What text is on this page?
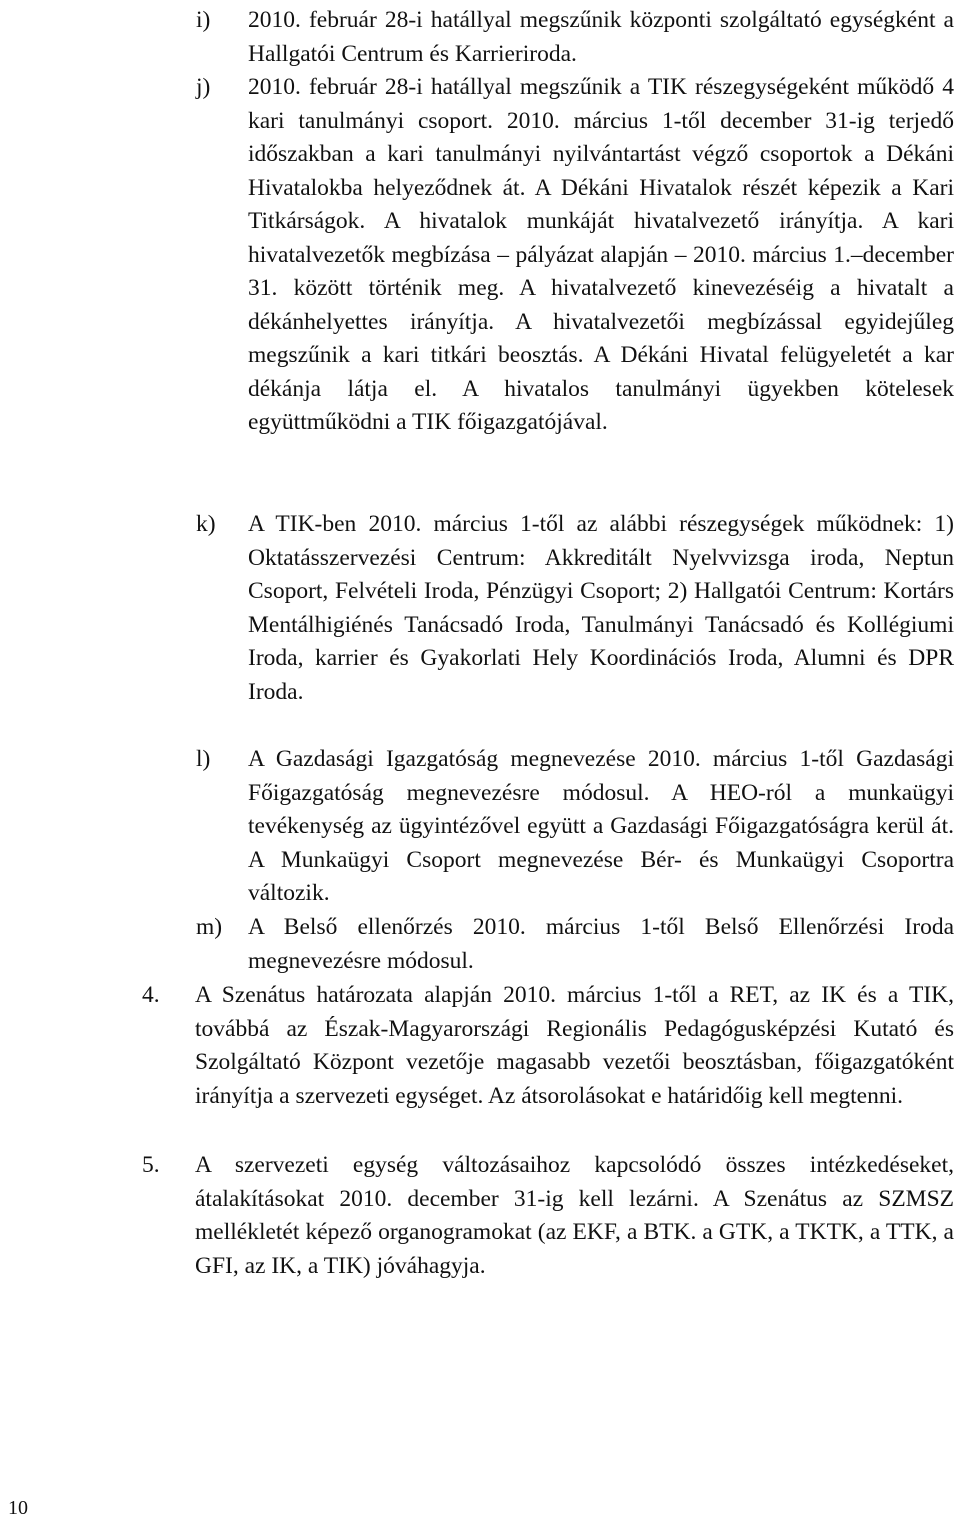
i) 2010. február 28-i hatállyal megszűnik központi szolgáltató egységként a Hallgatói Centrum és Karrieriroda.
j) 2010. február 28-i hatállyal megszűnik a TIK részegységeként működő 4 kari tanulmányi csoport. 2010. március 1-től december 31-ig terjedő időszakban a kari tanulmányi nyilvántartást végző csoportok a Dékáni Hivatalokba helyeződnek át. A Dékáni Hivatalok részét képezik a Kari Titkárságok. A hivatalok munkáját hivatalvezető irányítja. A kari hivatalvezetők megbízása – pályázat alapján – 2010. március 1.–december 31. között történik meg. A hivatalvezető kinevezéséig a hivatalt a dékánhelyettes irányítja. A hivatalvezetői megbízással egyidejűleg megszűnik a kari titkári beosztás. A Dékáni Hivatal felügyeletét a kar dékánja látja el. A hivatalos tanulmányi ügyekben kötelesek együttműködni a TIK főigazgatójával.
k) A TIK-ben 2010. március 1-től az alábbi részegységek működnek: 1) Oktatásszervezési Centrum: Akkreditált Nyelvvizsga iroda, Neptun Csoport, Felvételi Iroda, Pénzügyi Csoport; 2) Hallgatói Centrum: Kortárs Mentálhigiénés Tanácsadó Iroda, Tanulmányi Tanácsadó és Kollégiumi Iroda, karrier és Gyakorlati Hely Koordinációs Iroda, Alumni és DPR Iroda.
l) A Gazdasági Igazgatóság megnevezése 2010. március 1-től Gazdasági Főigazgatóság megnevezésre módosul. A HEO-ról a munkaügyi tevékenység az ügyintézővel együtt a Gazdasági Főigazgatóságra kerül át. A Munkaügyi Csoport megnevezése Bér- és Munkaügyi Csoportra változik.
m) A Belső ellenőrzés 2010. március 1-től Belső Ellenőrzési Iroda megnevezésre módosul.
4. A Szenátus határozata alapján 2010. március 1-től a RET, az IK és a TIK, továbbá az Észak-Magyarországi Regionális Pedagógusképzési Kutató és Szolgáltató Központ vezetője magasabb vezetői beosztásban, főigazgatóként irányítja a szervezeti egységet. Az átsorolásokat e határidőig kell megtenni.
5. A szervezeti egység változásaihoz kapcsolódó összes intézkedéseket, átalakításokat 2010. december 31-ig kell lezárni. A Szenátus az SZMSZ mellékletét képező organogramokat (az EKF, a BTK. a GTK, a TKTK, a TTK, a GFI, az IK, a TIK) jóváhagyja.
10
